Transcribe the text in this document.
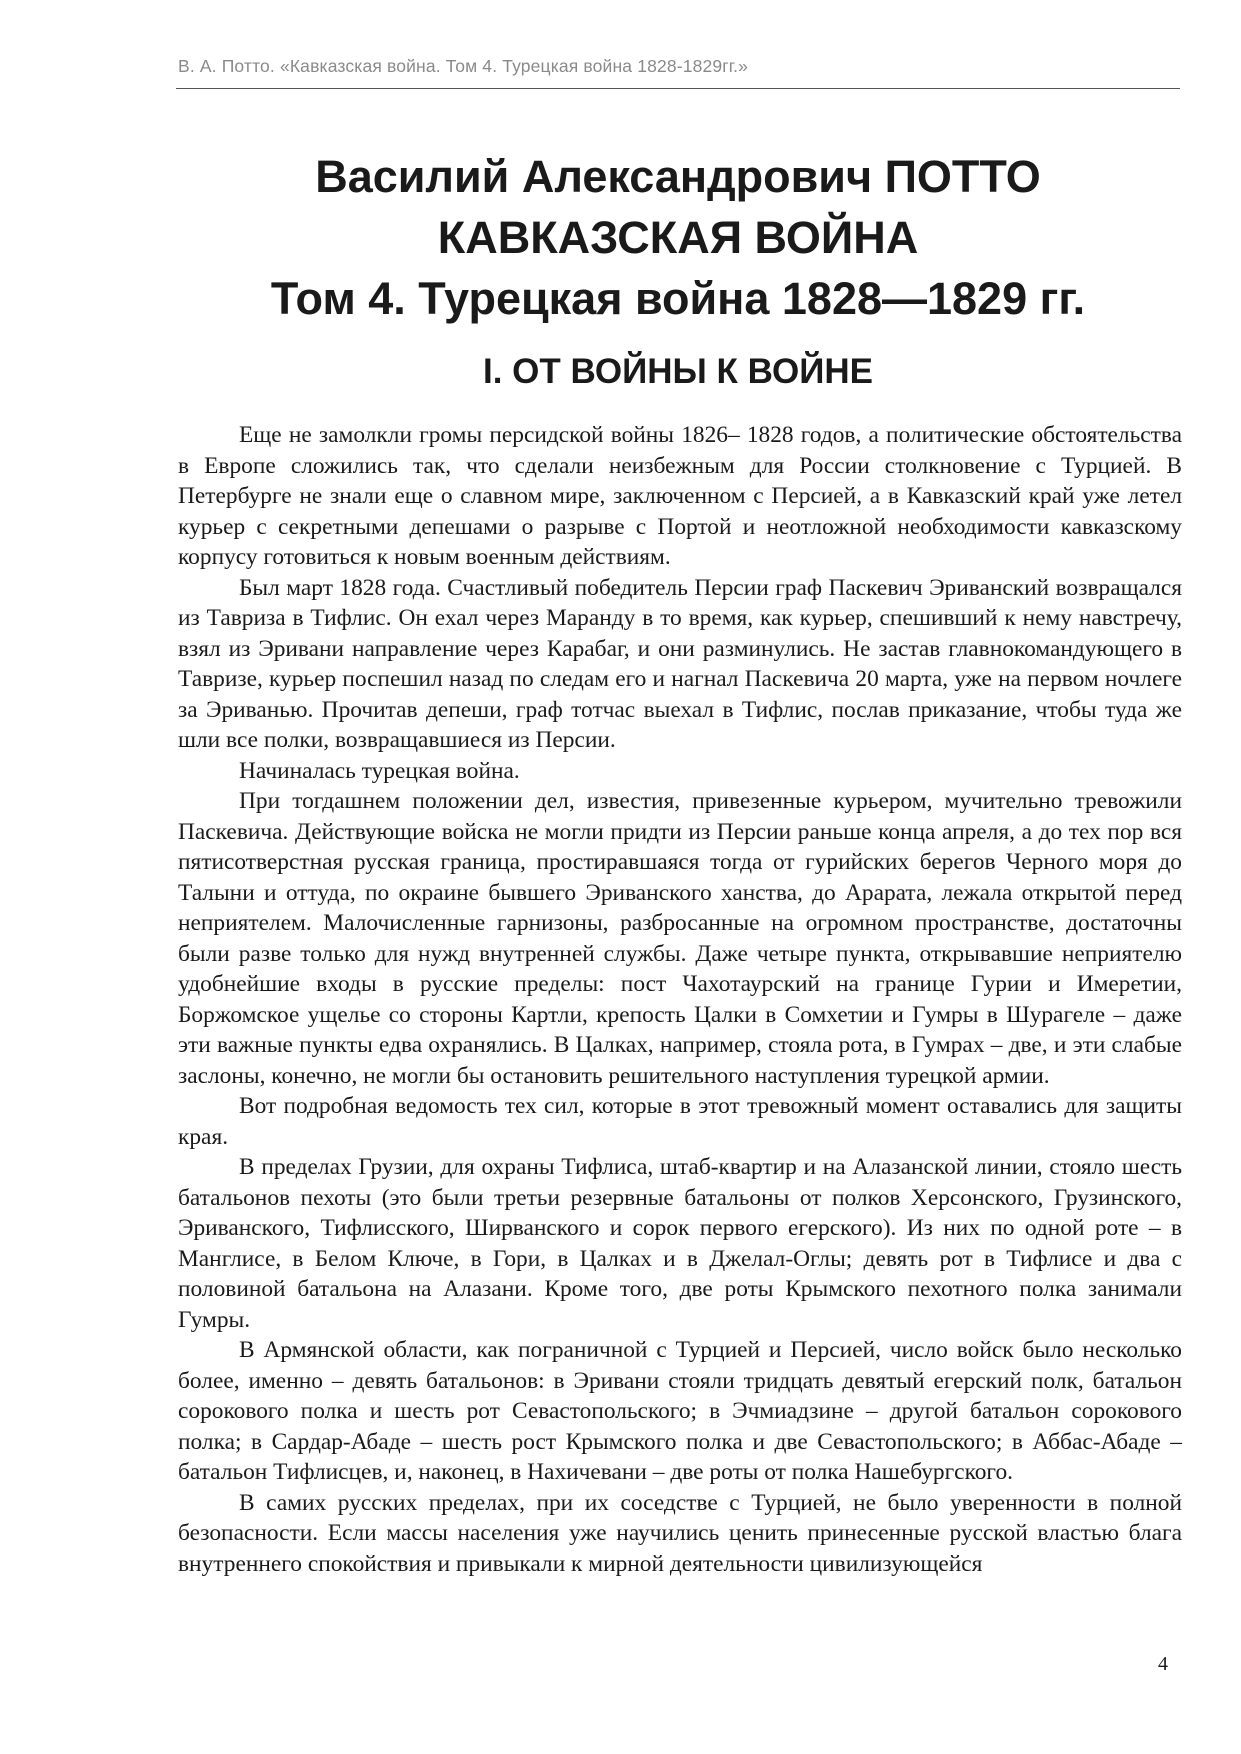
В. А. Потто. «Кавказская война. Том 4. Турецкая война 1828-1829гг.»
Василий Александрович ПОТТО
КАВКАЗСКАЯ ВОЙНА
Том 4. Турецкая война 1828—1829 гг.
I. ОТ ВОЙНЫ К ВОЙНЕ

Еще не замолкли громы персидской войны 1826– 1828 годов, а политические обстоятельства в Европе сложились так, что сделали неизбежным для России столкновение с Турцией. В Петербурге не знали еще о славном мире, заключенном с Персией, а в Кавказский край уже летел курьер с секретными депешами о разрыве с Портой и неотложной необходимости кавказскому корпусу готовиться к новым военным действиям.

Был март 1828 года. Счастливый победитель Персии граф Паскевич Эриванский возвращался из Тавриза в Тифлис. Он ехал через Маранду в то время, как курьер, спешивший к нему навстречу, взял из Эривани направление через Карабаг, и они разминулись. Не застав главнокомандующего в Тавризе, курьер поспешил назад по следам его и нагнал Паскевича 20 марта, уже на первом ночлеге за Эриванью. Прочитав депеши, граф тотчас выехал в Тифлис, послав приказание, чтобы туда же шли все полки, возвращавшиеся из Персии.

Начиналась турецкая война.

При тогдашнем положении дел, известия, привезенные курьером, мучительно тревожили Паскевича. Действующие войска не могли придти из Персии раньше конца апреля, а до тех пор вся пятисотверстная русская граница, простиравшаяся тогда от гурийских берегов Черного моря до Талыни и оттуда, по окраине бывшего Эриванского ханства, до Арарата, лежала открытой перед неприятелем. Малочисленные гарнизоны, разбросанные на огромном пространстве, достаточны были разве только для нужд внутренней службы. Даже четыре пункта, открывавшие неприятелю удобнейшие входы в русские пределы: пост Чахотаурский на границе Гурии и Имеретии, Боржомское ущелье со стороны Картли, крепость Цалки в Сомхетии и Гумры в Шурагеле – даже эти важные пункты едва охранялись. В Цалках, например, стояла рота, в Гумрах – две, и эти слабые заслоны, конечно, не могли бы остановить решительного наступления турецкой армии.

Вот подробная ведомость тех сил, которые в этот тревожный момент оставались для защиты края.

В пределах Грузии, для охраны Тифлиса, штаб-квартир и на Алазанской линии, стояло шесть батальонов пехоты (это были третьи резервные батальоны от полков Херсонского, Грузинского, Эриванского, Тифлисского, Ширванского и сорок первого егерского). Из них по одной роте – в Манглисе, в Белом Ключе, в Гори, в Цалках и в Джелал-Оглы; девять рот в Тифлисе и два с половиной батальона на Алазани. Кроме того, две роты Крымского пехотного полка занимали Гумры.

В Армянской области, как пограничной с Турцией и Персией, число войск было несколько более, именно – девять батальонов: в Эривани стояли тридцать девятый егерский полк, батальон сорокового полка и шесть рот Севастопольского; в Эчмиадзине – другой батальон сорокового полка; в Сардар-Абаде – шесть рост Крымского полка и две Севастопольского; в Аббас-Абаде – батальон Тифлисцев, и, наконец, в Нахичевани – две роты от полка Нашебургского.

В самих русских пределах, при их соседстве с Турцией, не было уверенности в полной безопасности. Если массы населения уже научились ценить принесенные русской властью блага внутреннего спокойствия и привыкали к мирной деятельности цивилизующейся

4
